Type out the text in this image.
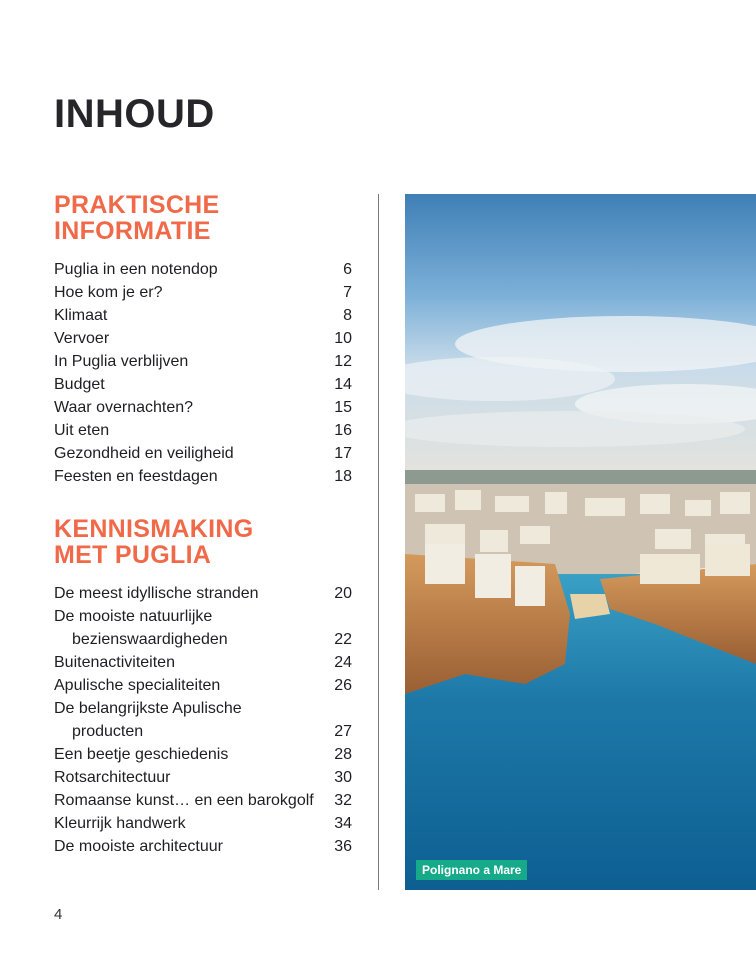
INHOUD
PRAKTISCHE
INFORMATIE
Puglia in een notendop	6
Hoe kom je er?	7
Klimaat	8
Vervoer	10
In Puglia verblijven	12
Budget	14
Waar overnachten?	15
Uit eten	16
Gezondheid en veiligheid	17
Feesten en feestdagen	18
KENNISMAKING
MET PUGLIA
De meest idyllische stranden	20
De mooiste natuurlijke
bezienswaardigheden	22
Buitenactiviteiten	24
Apulische specialiteiten	26
De belangrijkste Apulische
producten	27
Een beetje geschiedenis	28
Rotsarchitectuur	30
Romaanse kunst… en een barokgolf	32
Kleurrijk handwerk	34
De mooiste architectuur	36
Polignano a Mare
4
